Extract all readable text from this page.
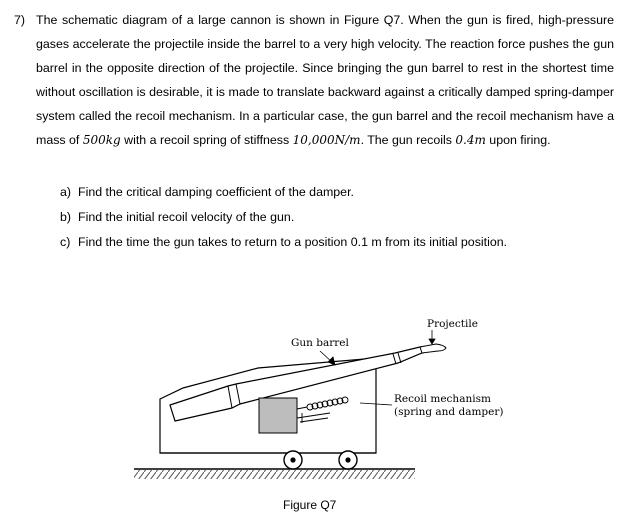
7) The schematic diagram of a large cannon is shown in Figure Q7. When the gun is fired, high-pressure gases accelerate the projectile inside the barrel to a very high velocity. The reaction force pushes the gun barrel in the opposite direction of the projectile. Since bringing the gun barrel to rest in the shortest time without oscillation is desirable, it is made to translate backward against a critically damped spring-damper system called the recoil mechanism. In a particular case, the gun barrel and the recoil mechanism have a mass of 500kg with a recoil spring of stiffness 10,000N/m. The gun recoils 0.4m upon firing.
a) Find the critical damping coefficient of the damper.
b) Find the initial recoil velocity of the gun.
c) Find the time the gun takes to return to a position 0.1 m from its initial position.
Projectile
Gun barrel
Recoil mechanism
(spring and damper)
Figure Q7
